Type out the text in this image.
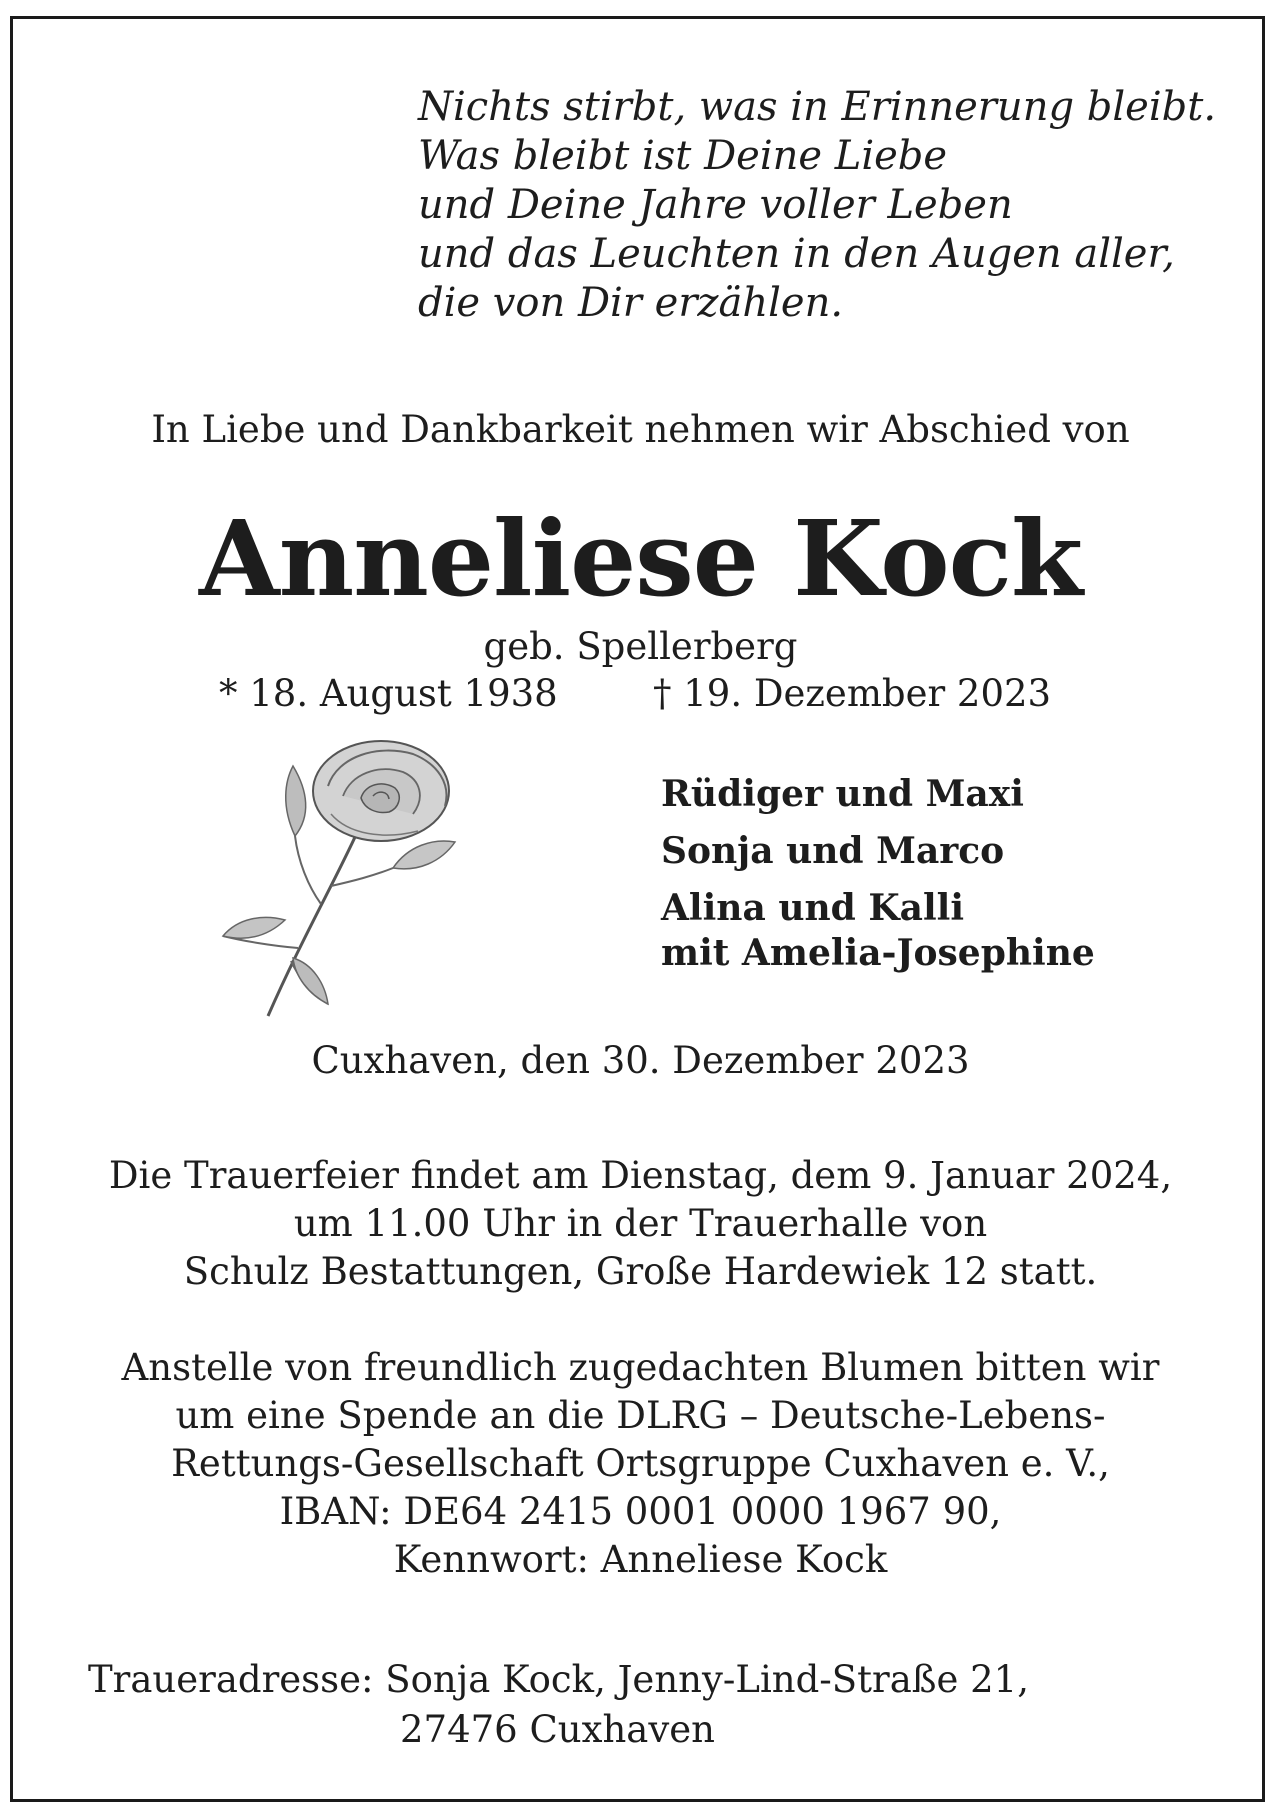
Nichts stirbt, was in Erinnerung bleibt.
Was bleibt ist Deine Liebe
und Deine Jahre voller Leben
und das Leuchten in den Augen aller,
die von Dir erzählen.

In Liebe und Dankbarkeit nehmen wir Abschied von

Anneliese Kock

geb. Spellerberg

* 18. August 1938	† 19. Dezember 2023
Rüdiger und Maxi
Sonja und Marco
Alina und Kalli
mit Amelia-Josephine

Cuxhaven, den 30. Dezember 2023

Die Trauerfeier findet am Dienstag, dem 9. Januar 2024,
um 11.00 Uhr in der Trauerhalle von
Schulz Bestattungen, Große Hardewiek 12 statt.
Anstelle von freundlich zugedachten Blumen bitten wir
um eine Spende an die DLRG – Deutsche-Lebens-
Rettungs-Gesellschaft Ortsgruppe Cuxhaven e. V.,
IBAN: DE64 2415 0001 0000 1967 90,
Kennwort: Anneliese Kock
Traueradresse: Sonja Kock, Jenny-Lind-Straße 21,
27476 Cuxhaven
